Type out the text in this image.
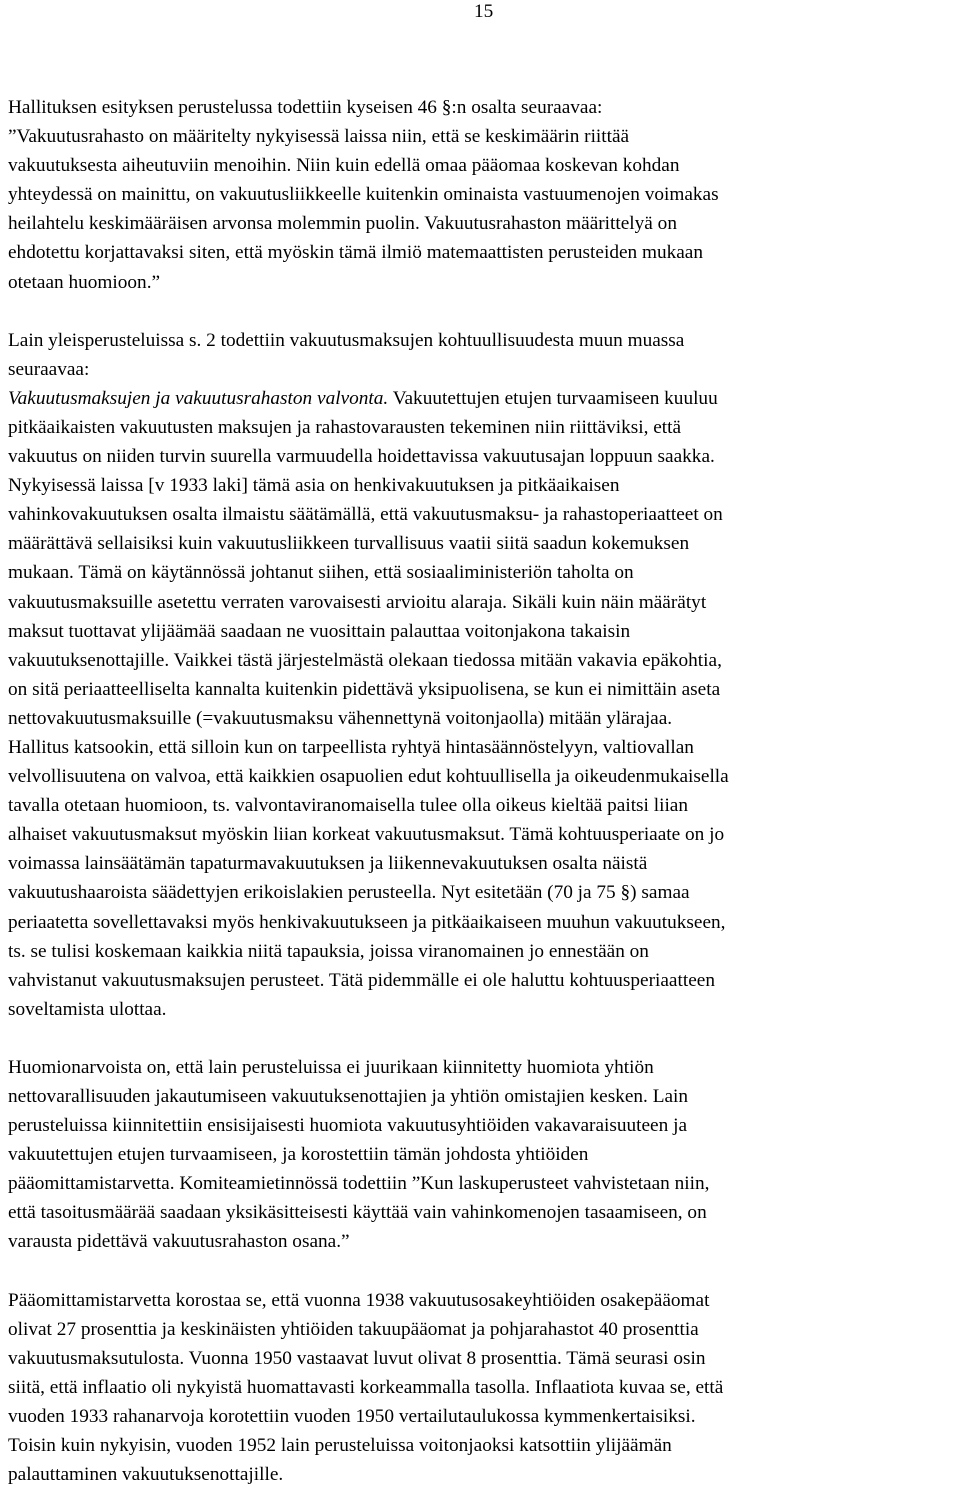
15
Hallituksen esityksen perustelussa todettiin kyseisen 46 §:n osalta seuraavaa:
”Vakuutusrahasto on määritelty nykyisessä laissa niin, että se keskimäärin riittää
vakuutuksesta aiheutuviin menoihin. Niin kuin edellä omaa pääomaa koskevan kohdan
yhteydessä on mainittu, on vakuutusliikkeelle kuitenkin ominaista vastuumenojen voimakas
heilahtelu keskimääräisen arvonsa molemmin puolin. Vakuutusrahaston määrittelyä on
ehdotettu korjattavaksi siten, että myöskin tämä ilmiö matemaattisten perusteiden mukaan
otetaan huomioon.”
Lain yleisperusteluissa s. 2 todettiin vakuutusmaksujen kohtuullisuudesta muun muassa
seuraavaa:
Vakuutusmaksujen ja vakuutusrahaston valvonta. Vakuutettujen etujen turvaamiseen kuuluu
pitkäaikaisten vakuutusten maksujen ja rahastovarausten tekeminen niin riittäviksi, että
vakuutus on niiden turvin suurella varmuudella hoidettavissa vakuutusajan loppuun saakka.
Nykyisessä laissa [v 1933 laki] tämä asia on henkivakuutuksen ja pitkäaikaisen
vahinkovakuutuksen osalta ilmaistu säätämällä, että vakuutusmaksu- ja rahastoperiaatteet on
määrättävä sellaisiksi kuin vakuutusliikkeen turvallisuus vaatii siitä saadun kokemuksen
mukaan. Tämä on käytännössä johtanut siihen, että sosiaaliministeriön taholta on
vakuutusmaksuille asetettu verraten varovaisesti arvioitu alaraja. Sikäli kuin näin määrätyt
maksut tuottavat ylijäämää saadaan ne vuosittain palauttaa voitonjakona takaisin
vakuutuksenottajille. Vaikkei tästä järjestelmästä olekaan tiedossa mitään vakavia epäkohtia,
on sitä periaatteelliselta kannalta kuitenkin pidettävä yksipuolisena, se kun ei nimittäin aseta
nettovakuutusmaksuille (=vakuutusmaksu vähennettynä voitonjaolla) mitään ylärajaa.
Hallitus katsookin, että silloin kun on tarpeellista ryhtyä hintasäännöstelyyn, valtiovallan
velvollisuutena on valvoa, että kaikkien osapuolien edut kohtuullisella ja oikeudenmukaisella
tavalla otetaan huomioon, ts. valvontaviranomaisella tulee olla oikeus kieltää paitsi liian
alhaiset vakuutusmaksut myöskin liian korkeat vakuutusmaksut. Tämä kohtuusperiaate on jo
voimassa lainsäätämän tapaturmavakuutuksen ja liikennevakuutuksen osalta näistä
vakuutushaaroista säädettyjen erikoislakien perusteella. Nyt esitetään (70 ja 75 §) samaa
periaatetta sovellettavaksi myös henkivakuutukseen ja pitkäaikaiseen muuhun vakuutukseen,
ts. se tulisi koskemaan kaikkia niitä tapauksia, joissa viranomainen jo ennestään on
vahvistanut vakuutusmaksujen perusteet. Tätä pidemmälle ei ole haluttu kohtuusperiaatteen
soveltamista ulottaa.
Huomionarvoista on, että lain perusteluissa ei juurikaan kiinnitetty huomiota yhtiön
nettovarallisuuden jakautumiseen vakuutuksenottajien ja yhtiön omistajien kesken. Lain
perusteluissa kiinnitettiin ensisijaisesti huomiota vakuutusyhtiöiden vakavaraisuuteen ja
vakuutettujen etujen turvaamiseen, ja korostettiin tämän johdosta yhtiöiden
pääomittamistarvetta. Komiteamietinnössä todettiin ”Kun laskuperusteet vahvistetaan niin,
että tasoitusmäärää saadaan yksikäsitteisesti käyttää vain vahinkomenojen tasaamiseen, on
varausta pidettävä vakuutusrahaston osana.”
Pääomittamistarvetta korostaa se, että vuonna 1938 vakuutusosakeyhtiöiden osakepääomat
olivat 27 prosenttia ja keskinäisten yhtiöiden takuupääomat ja pohjarahastot 40 prosenttia
vakuutusmaksutulosta. Vuonna 1950 vastaavat luvut olivat 8 prosenttia. Tämä seurasi osin
siitä, että inflaatio oli nykyistä huomattavasti korkeammalla tasolla. Inflaatiota kuvaa se, että
vuoden 1933 rahanarvoja korotettiin vuoden 1950 vertailutaulukossa kymmenkertaisiksi.
Toisin kuin nykyisin, vuoden 1952 lain perusteluissa voitonjaoksi katsottiin ylijäämän
palauttaminen vakuutuksenottajille.
